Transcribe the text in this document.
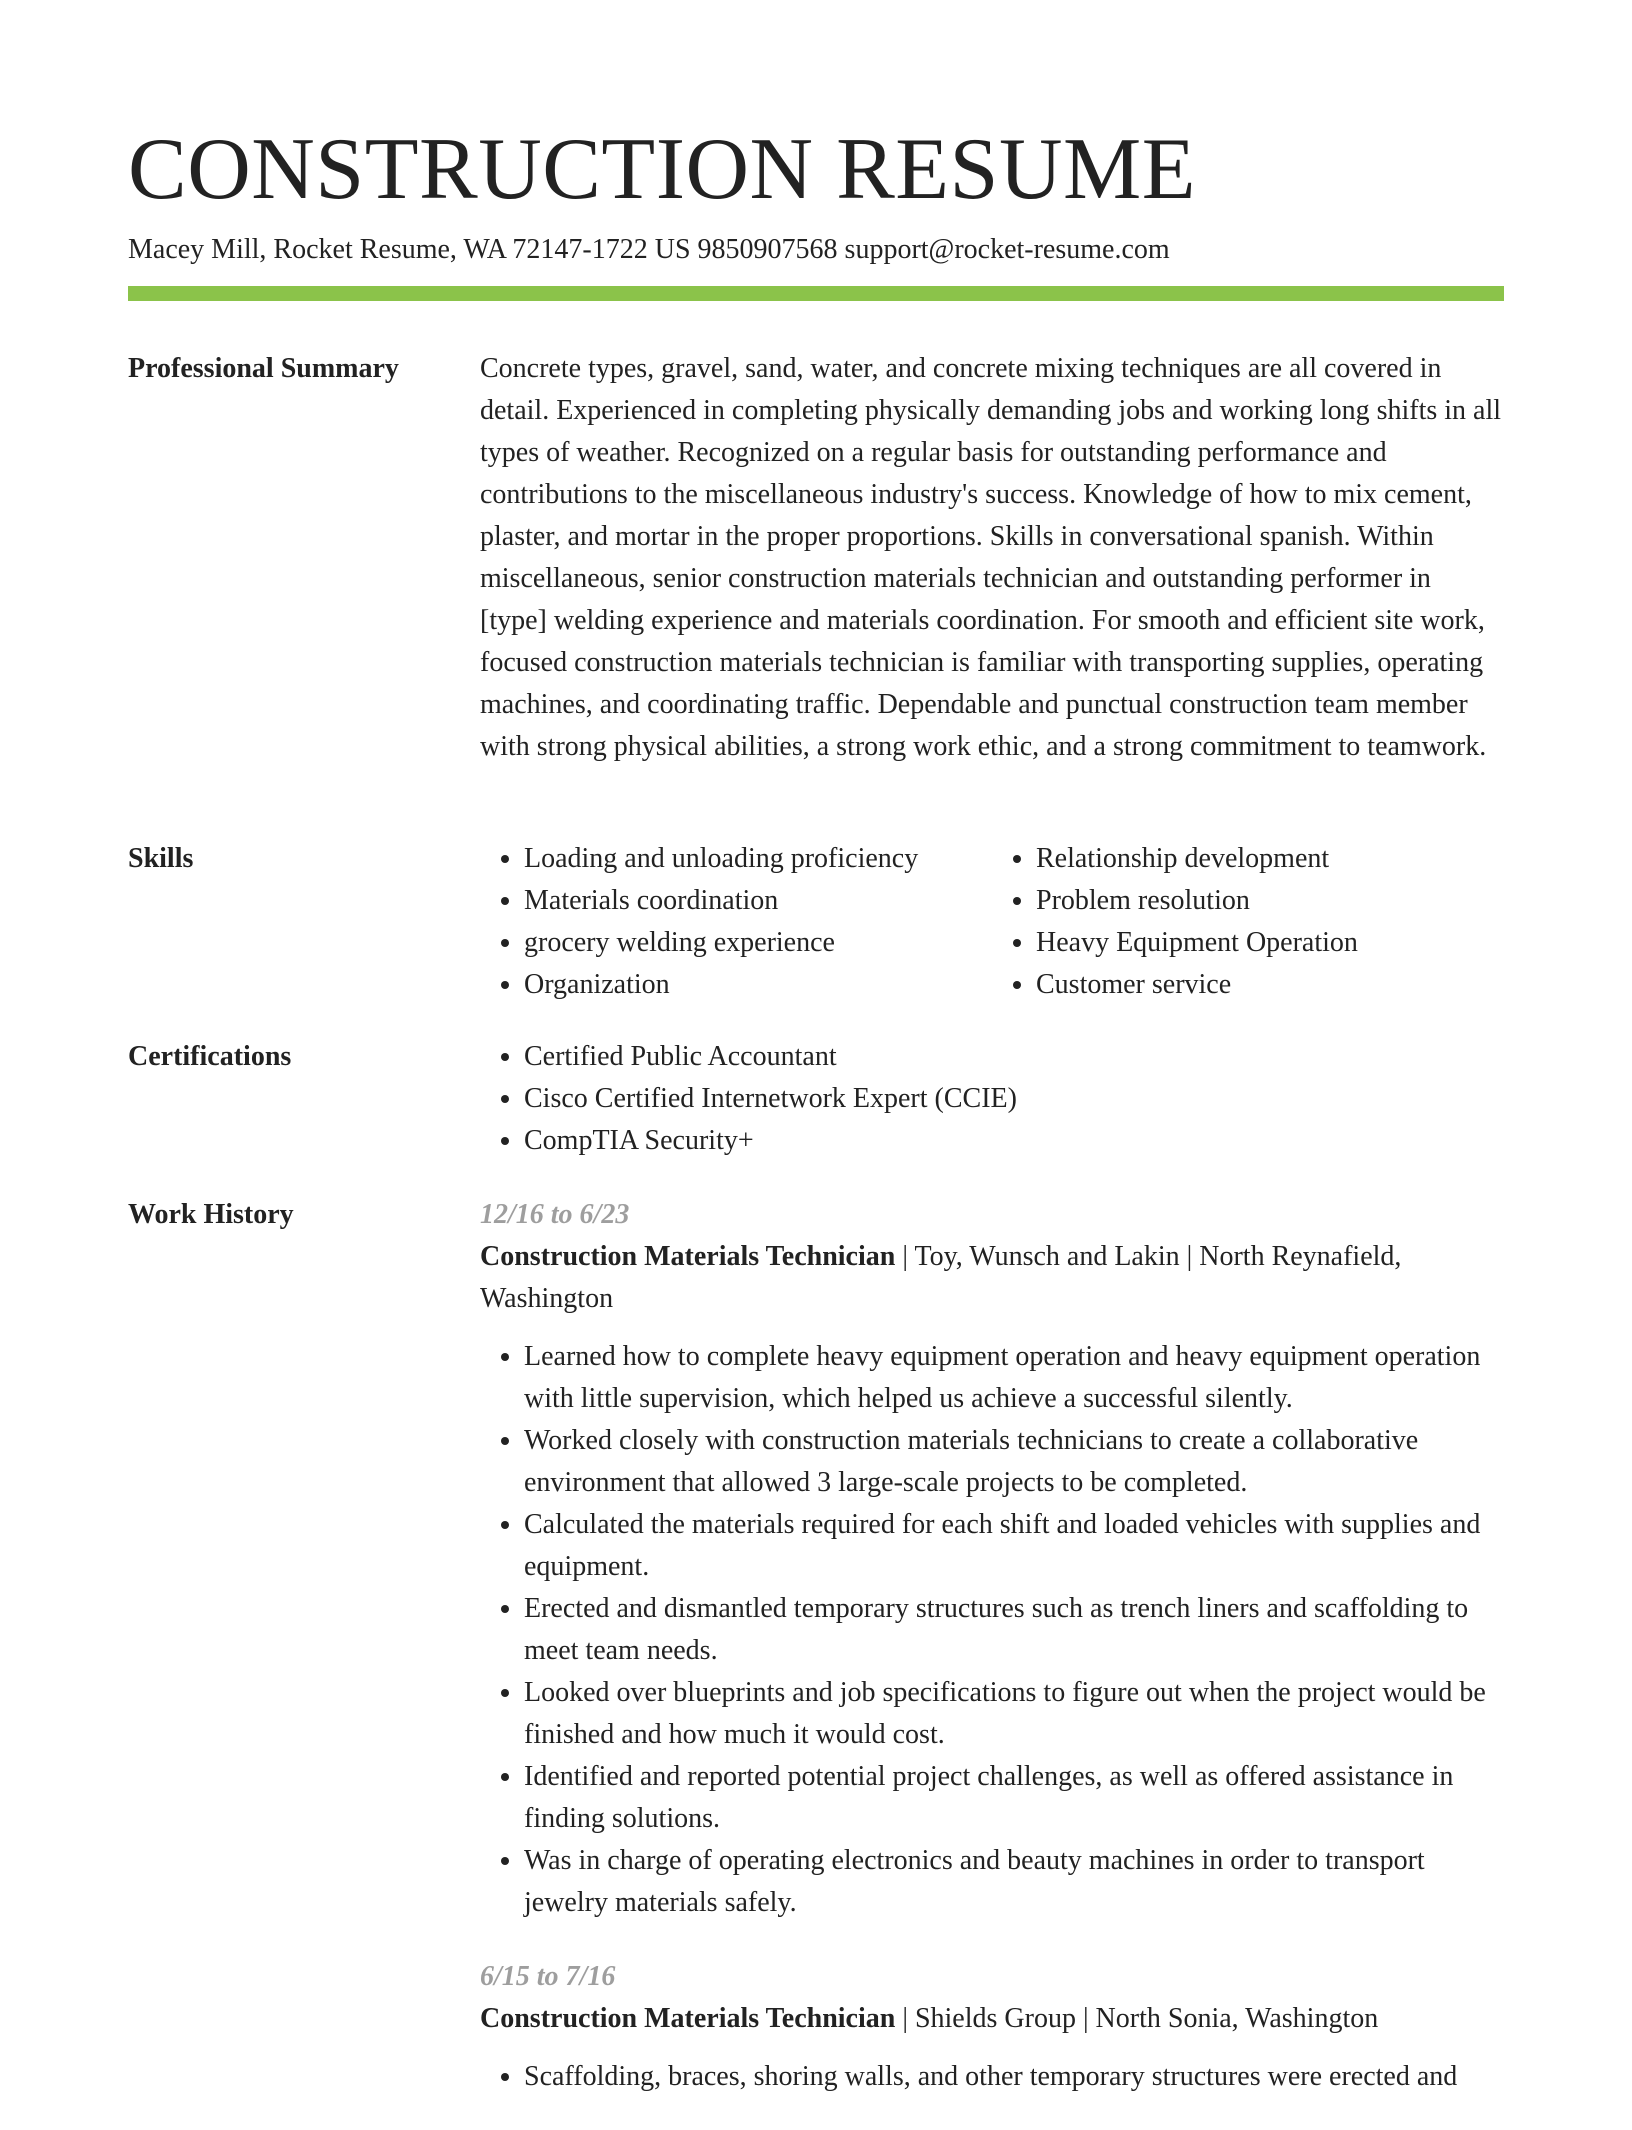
CONSTRUCTION RESUME
Macey Mill, Rocket Resume, WA 72147-1722 US 9850907568 support@rocket-resume.com
Professional Summary	Concrete types, gravel, sand, water, and concrete mixing techniques are all covered in detail. Experienced in completing physically demanding jobs and working long shifts in all types of weather. Recognized on a regular basis for outstanding performance and contributions to the miscellaneous industry's success. Knowledge of how to mix cement, plaster, and mortar in the proper proportions. Skills in conversational spanish. Within miscellaneous, senior construction materials technician and outstanding performer in [type] welding experience and materials coordination. For smooth and efficient site work, focused construction materials technician is familiar with transporting supplies, operating machines, and coordinating traffic. Dependable and punctual construction team member with strong physical abilities, a strong work ethic, and a strong commitment to teamwork.

Skills	• Loading and unloading proficiency
• Materials coordination
• grocery welding experience
• Organization
• Relationship development
• Problem resolution
• Heavy Equipment Operation
• Customer service
Certifications	• Certified Public Accountant
• Cisco Certified Internetwork Expert (CCIE)
• CompTIA Security+
Work History	12/16 to 6/23
Construction Materials Technician | Toy, Wunsch and Lakin | North Reynafield, Washington
• Learned how to complete heavy equipment operation and heavy equipment operation with little supervision, which helped us achieve a successful silently.
• Worked closely with construction materials technicians to create a collaborative environment that allowed 3 large-scale projects to be completed.
• Calculated the materials required for each shift and loaded vehicles with supplies and equipment.
• Erected and dismantled temporary structures such as trench liners and scaffolding to meet team needs.
• Looked over blueprints and job specifications to figure out when the project would be finished and how much it would cost.
• Identified and reported potential project challenges, as well as offered assistance in finding solutions.
• Was in charge of operating electronics and beauty machines in order to transport jewelry materials safely.
6/15 to 7/16
Construction Materials Technician | Shields Group | North Sonia, Washington
• Scaffolding, braces, shoring walls, and other temporary structures were erected and
